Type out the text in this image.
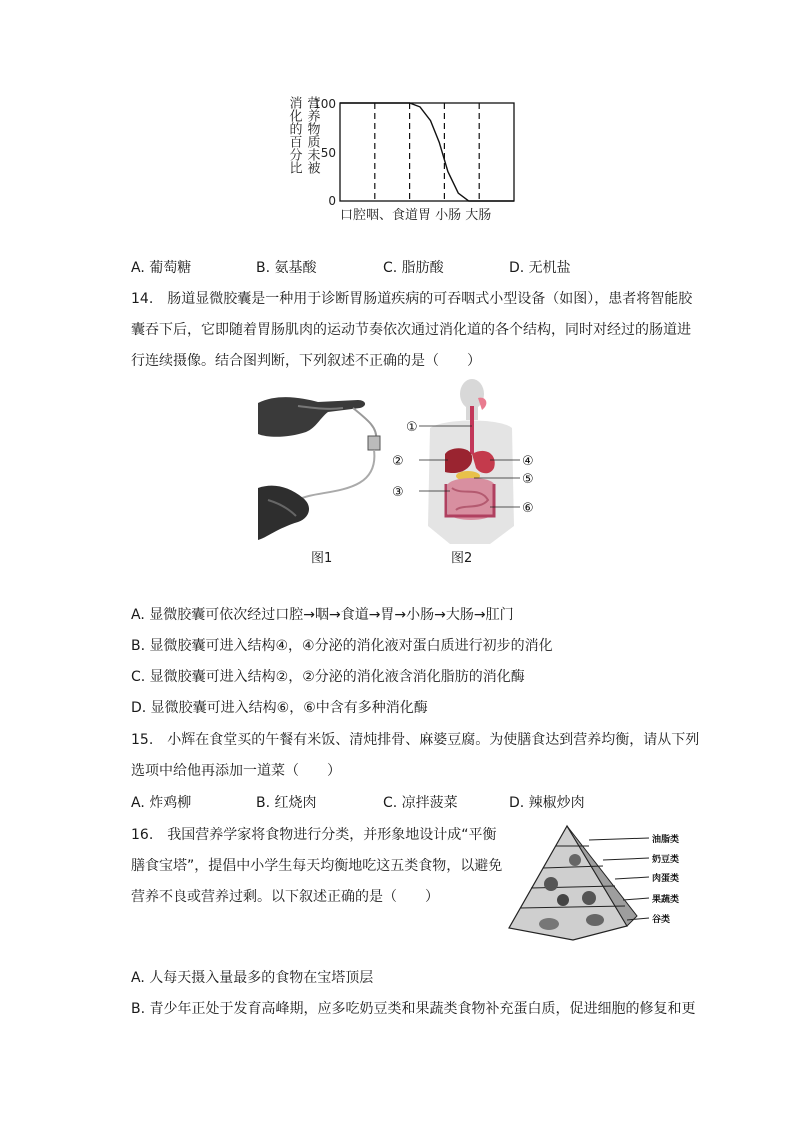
营养物质未被
消化的百分比 100
50
0
口腔咽、食道胃 小肠 大肠
A. 葡萄糖	B. 氨基酸	C. 脂肪酸	D. 无机盐
14.　肠道显微胶囊是一种用于诊断胃肠道疾病的可吞咽式小型设备（如图），患者将智能胶
囊吞下后，它即随着胃肠肌肉的运动节奏依次通过消化道的各个结构，同时对经过的肠道进
行连续摄像。结合图判断，下列叙述不正确的是（　　）
①
②
③
④
⑤
⑥
图1	图2
A. 显微胶囊可依次经过口腔→咽→食道→胃→小肠→大肠→肛门
B. 显微胶囊可进入结构④，④分泌的消化液对蛋白质进行初步的消化
C. 显微胶囊可进入结构②，②分泌的消化液含消化脂肪的消化酶
D. 显微胶囊可进入结构⑥，⑥中含有多种消化酶
15.　小辉在食堂买的午餐有米饭、清炖排骨、麻婆豆腐。为使膳食达到营养均衡，请从下列
选项中给他再添加一道菜（　　）
A. 炸鸡柳	B. 红烧肉	C. 凉拌菠菜	D. 辣椒炒肉
16.　我国营养学家将食物进行分类，并形象地设计成“平衡
膳食宝塔”，提倡中小学生每天均衡地吃这五类食物，以避免
营养不良或营养过剩。以下叙述正确的是（　　）
油脂类
奶豆类
肉蛋类
果蔬类
谷类
A. 人每天摄入量最多的食物在宝塔顶层
B. 青少年正处于发育高峰期，应多吃奶豆类和果蔬类食物补充蛋白质，促进细胞的修复和更
